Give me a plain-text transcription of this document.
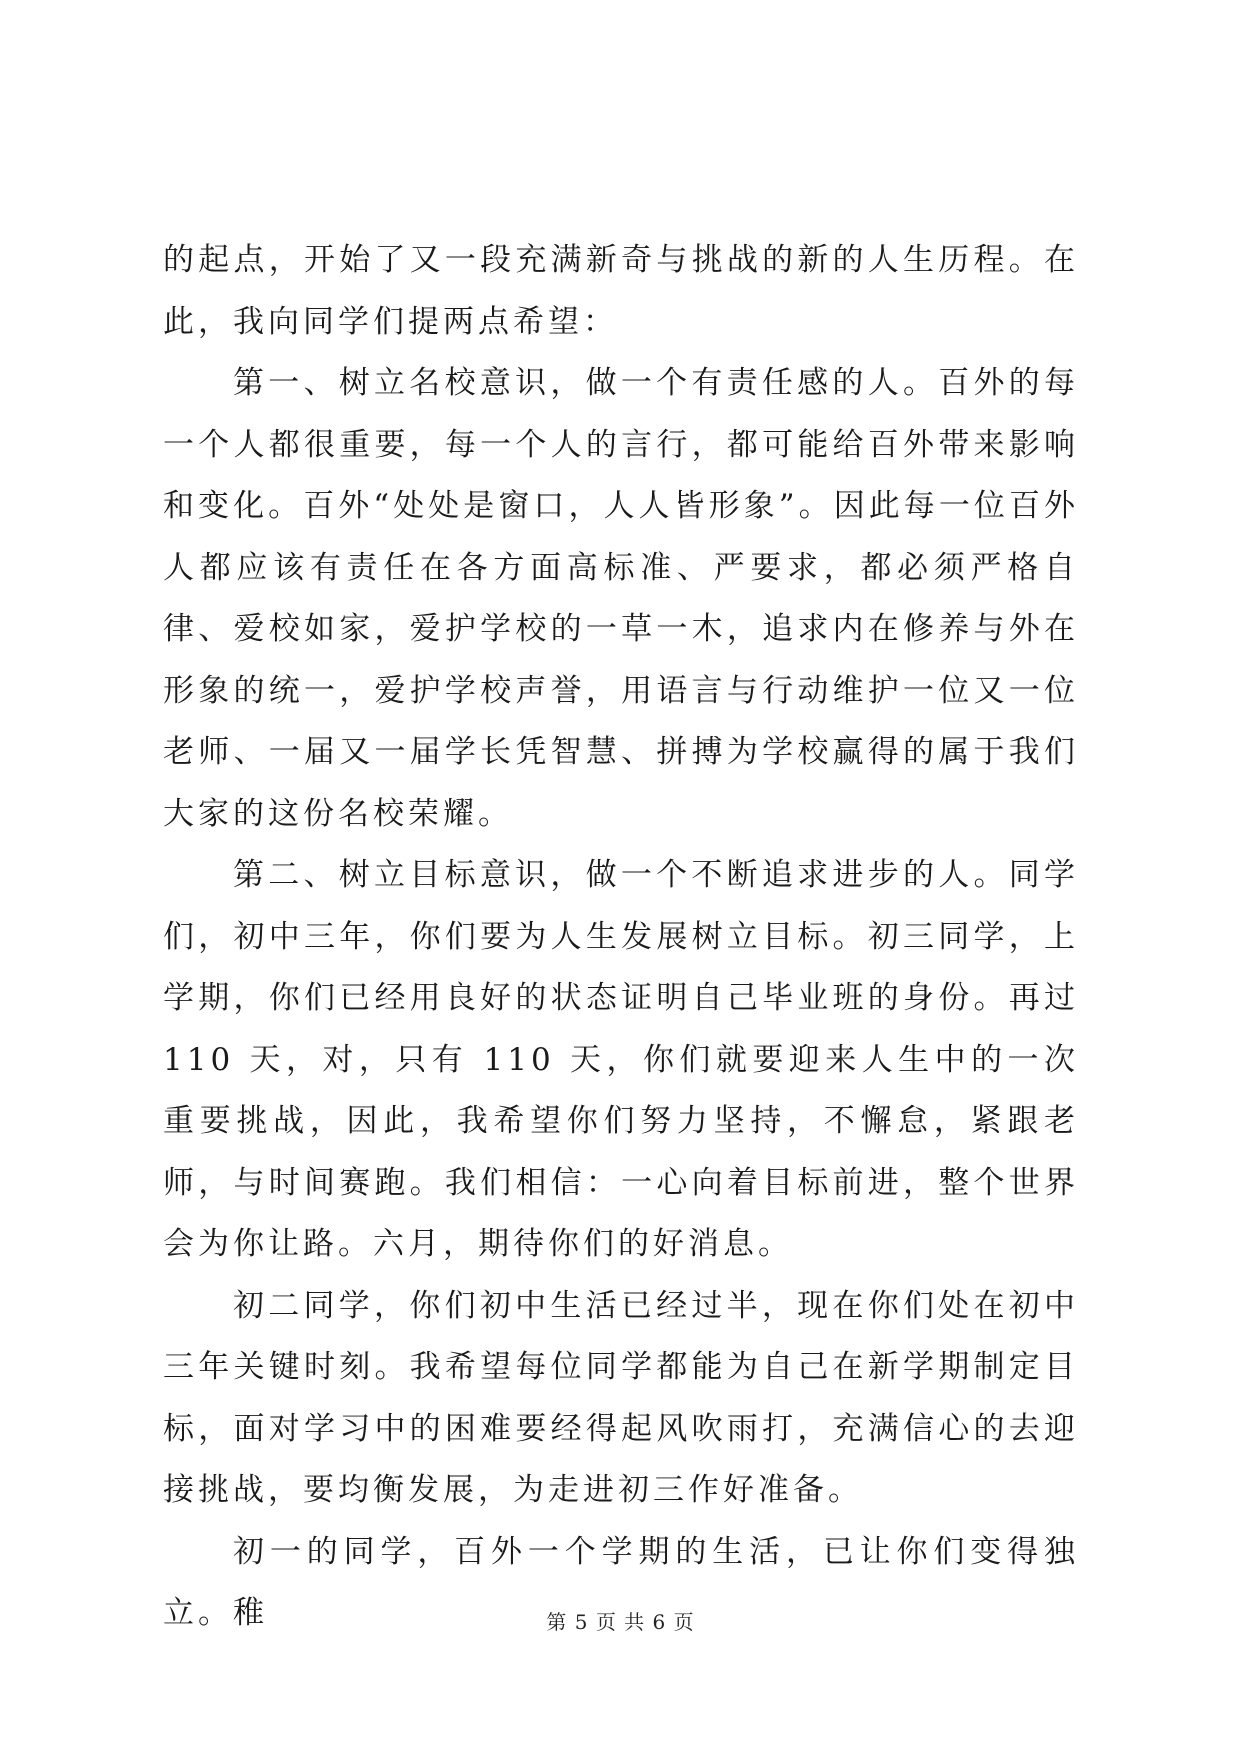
的起点，开始了又一段充满新奇与挑战的新的人生历程。在此，我向同学们提两点希望：

第一、树立名校意识，做一个有责任感的人。百外的每一个人都很重要，每一个人的言行，都可能给百外带来影响和变化。百外“处处是窗口，人人皆形象”。因此每一位百外人都应该有责任在各方面高标准、严要求，都必须严格自律、爱校如家，爱护学校的一草一木，追求内在修养与外在形象的统一，爱护学校声誉，用语言与行动维护一位又一位老师、一届又一届学长凭智慧、拼搏为学校赢得的属于我们大家的这份名校荣耀。

第二、树立目标意识，做一个不断追求进步的人。同学们，初中三年，你们要为人生发展树立目标。初三同学，上学期，你们已经用良好的状态证明自己毕业班的身份。再过 110 天，对，只有 110 天，你们就要迎来人生中的一次重要挑战，因此，我希望你们努力坚持，不懈怠，紧跟老师，与时间赛跑。我们相信：一心向着目标前进，整个世界会为你让路。六月，期待你们的好消息。

初二同学，你们初中生活已经过半，现在你们处在初中三年关键时刻。我希望每位同学都能为自己在新学期制定目标，面对学习中的困难要经得起风吹雨打，充满信心的去迎接挑战，要均衡发展，为走进初三作好准备。

初一的同学，百外一个学期的生活，已让你们变得独立。稚	第 5 页 共 6 页
